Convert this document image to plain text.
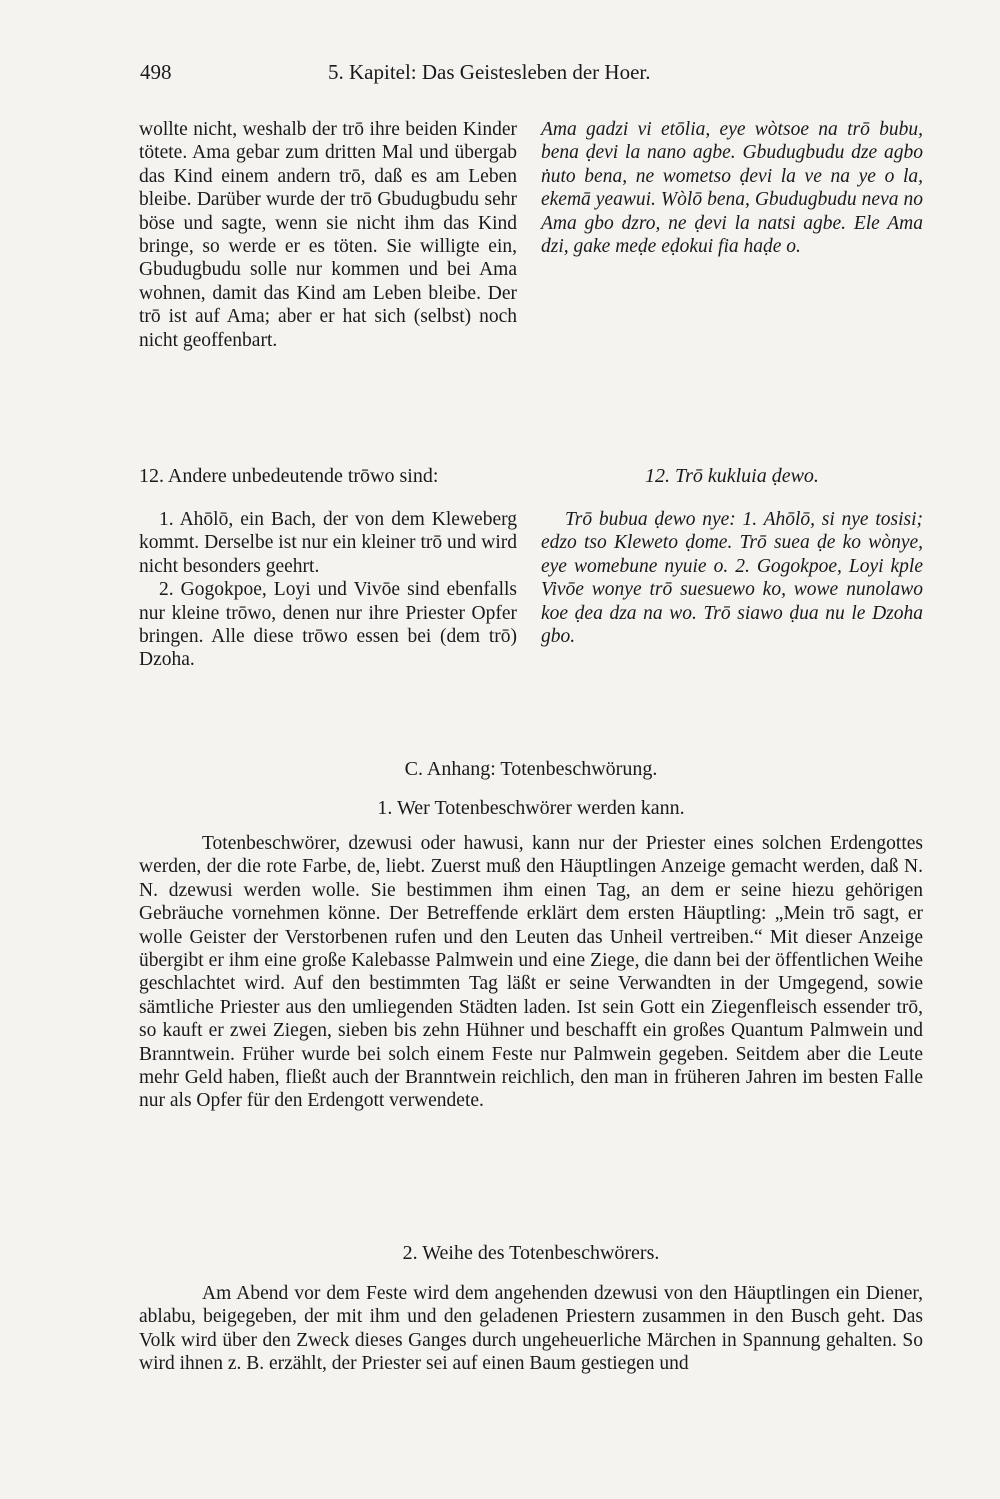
498	5. Kapitel: Das Geistesleben der Hoer.

wollte nicht, weshalb der trō ihre beiden Kinder tötete. Ama gebar zum dritten Mal und übergab das Kind einem andern trō, daß es am Leben bleibe. Darüber wurde der trō Gbudugbudu sehr böse und sagte, wenn sie nicht ihm das Kind bringe, so werde er es töten. Sie willigte ein, Gbudugbudu solle nur kommen und bei Ama wohnen, damit das Kind am Leben bleibe. Der trō ist auf Ama; aber er hat sich (selbst) noch nicht geoffenbart.

Ama gadzi vi etōlia, eye wòtsoe na trō bubu, bena ḍevi la nano agbe. Gbudugbudu dze agbo ṅuto bena, ne wometso ḍevi la ve na ye o la, ekemā yeawui. Wòlō bena, Gbudugbudu neva no Ama gbo dzro, ne ḍevi la natsi agbe. Ele Ama dzi, gake meḍe eḍokui fia haḍe o.

12. Andere unbedeutende trōwo sind:	12. Trō kukluia ḍewo.

1. Ahōlō, ein Bach, der von dem Kleweberg kommt. Derselbe ist nur ein kleiner trō und wird nicht besonders geehrt.

2. Gogokpoe, Loyi und Vivōe sind ebenfalls nur kleine trōwo, denen nur ihre Priester Opfer bringen. Alle diese trōwo essen bei (dem trō) Dzoha.

Trō bubua ḍewo nye: 1. Ahōlō, si nye tosisi; edzo tso Kleweto ḍome. Trō suea ḍe ko wònye, eye womebune nyuie o. 2. Gogokpoe, Loyi kple Vivōe wonye trō suesuewo ko, wowe nunolawo koe ḍea dza na wo. Trō siawo ḍua nu le Dzoha gbo.

C. Anhang: Totenbeschwörung.
1. Wer Totenbeschwörer werden kann.

Totenbeschwörer, dzewusi oder hawusi, kann nur der Priester eines solchen Erdengottes werden, der die rote Farbe, de, liebt. Zuerst muß den Häuptlingen Anzeige gemacht werden, daß N. N. dzewusi werden wolle. Sie bestimmen ihm einen Tag, an dem er seine hiezu gehörigen Gebräuche vornehmen könne. Der Betreffende erklärt dem ersten Häuptling: „Mein trō sagt, er wolle Geister der Verstorbenen rufen und den Leuten das Unheil vertreiben.“ Mit dieser Anzeige übergibt er ihm eine große Kalebasse Palmwein und eine Ziege, die dann bei der öffentlichen Weihe geschlachtet wird. Auf den bestimmten Tag läßt er seine Verwandten in der Umgegend, sowie sämtliche Priester aus den umliegenden Städten laden. Ist sein Gott ein Ziegenfleisch essender trō, so kauft er zwei Ziegen, sieben bis zehn Hühner und beschafft ein großes Quantum Palmwein und Branntwein. Früher wurde bei solch einem Feste nur Palmwein gegeben. Seitdem aber die Leute mehr Geld haben, fließt auch der Branntwein reichlich, den man in früheren Jahren im besten Falle nur als Opfer für den Erdengott verwendete.

2. Weihe des Totenbeschwörers.

Am Abend vor dem Feste wird dem angehenden dzewusi von den Häuptlingen ein Diener, ablabu, beigegeben, der mit ihm und den geladenen Priestern zusammen in den Busch geht. Das Volk wird über den Zweck dieses Ganges durch ungeheuerliche Märchen in Spannung gehalten. So wird ihnen z. B. erzählt, der Priester sei auf einen Baum gestiegen und
